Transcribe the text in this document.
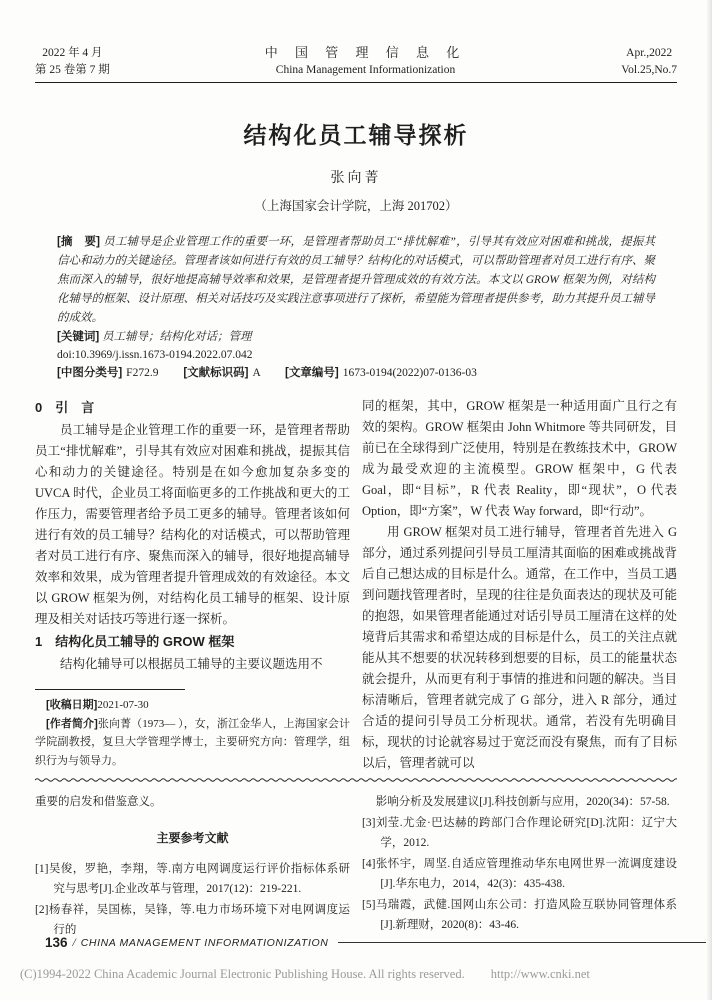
2022 年 4 月
第 25 卷第 7 期
中 国 管 理 信 息 化
China Management Informationization
Apr.,2022
Vol.25,No.7
结构化员工辅导探析
张向菁
（上海国家会计学院，上海 201702）

[摘　要] 员工辅导是企业管理工作的重要一环，是管理者帮助员工“排忧解难”，引导其有效应对困难和挑战，提振其信心和动力的关键途径。管理者该如何进行有效的员工辅导？结构化的对话模式，可以帮助管理者对员工进行有序、聚焦而深入的辅导，很好地提高辅导效率和效果，是管理者提升管理成效的有效方法。本文以 GROW 框架为例，对结构化辅导的框架、设计原理、相关对话技巧及实践注意事项进行了探析，希望能为管理者提供参考，助力其提升员工辅导的成效。

[关键词] 员工辅导；结构化对话；管理

doi:10.3969/j.issn.1673-0194.2022.07.042

[中图分类号] F272.9 [文献标识码] A [文章编号] 1673-0194(2022)07-0136-03

0　引　言

员工辅导是企业管理工作的重要一环，是管理者帮助员工“排忧解难”，引导其有效应对困难和挑战，提振其信心和动力的关键途径。特别是在如今愈加复杂多变的 UVCA 时代，企业员工将面临更多的工作挑战和更大的工作压力，需要管理者给予员工更多的辅导。管理者该如何进行有效的员工辅导？结构化的对话模式，可以帮助管理者对员工进行有序、聚焦而深入的辅导，很好地提高辅导效率和效果，成为管理者提升管理成效的有效途径。本文以 GROW 框架为例，对结构化员工辅导的框架、设计原理及相关对话技巧等进行逐一探析。

1　结构化员工辅导的 GROW 框架

结构化辅导可以根据员工辅导的主要议题选用不

[收稿日期]2021-07-30

[作者简介]张向菁（1973— ），女，浙江金华人，上海国家会计学院副教授，复旦大学管理学博士，主要研究方向：管理学，组织行为与领导力。

同的框架，其中，GROW 框架是一种适用面广且行之有效的架构。GROW 框架由 John Whitmore 等共同研发，目前已在全球得到广泛使用，特别是在教练技术中，GROW 成为最受欢迎的主流模型。GROW 框架中，G 代表 Goal，即“目标”，R 代表 Reality，即“现状”，O 代表 Option，即“方案”，W 代表 Way forward，即“行动”。

用 GROW 框架对员工进行辅导，管理者首先进入 G 部分，通过系列提问引导员工厘清其面临的困难或挑战背后自己想达成的目标是什么。通常，在工作中，当员工遇到问题找管理者时，呈现的往往是负面表达的现状及可能的抱怨，如果管理者能通过对话引导员工厘清在这样的处境背后其需求和希望达成的目标是什么，员工的关注点就能从其不想要的状况转移到想要的目标，员工的能量状态就会提升，从而更有利于事情的推进和问题的解决。当目标清晰后，管理者就完成了 G 部分，进入 R 部分，通过合适的提问引导员工分析现状。通常，若没有先明确目标，现状的讨论就容易过于宽泛而没有聚焦，而有了目标以后，管理者就可以

重要的启发和借鉴意义。

主要参考文献

[1]吴俊，罗艳，李翔，等.南方电网调度运行评价指标体系研究与思考[J].企业改革与管理，2017(12)：219-221.

[2]杨春祥，吴国栋，吴锋，等.电力市场环境下对电网调度运行的

影响分析及发展建议[J].科技创新与应用，2020(34)：57-58.

[3]刘莹.尤金·巴达赫的跨部门合作理论研究[D].沈阳：辽宁大学，2012.

[4]张怀宇，周坚.自适应管理推动华东电网世界一流调度建设[J].华东电力，2014，42(3)：435-438.

[5]马瑞霞，武健.国网山东公司：打造风险互联协同管理体系[J].新理财，2020(8)：43-46.

136 / CHINA MANAGEMENT INFORMATIONIZATION
(C)1994-2022 China Academic Journal Electronic Publishing House. All rights reserved. http://www.cnki.net
